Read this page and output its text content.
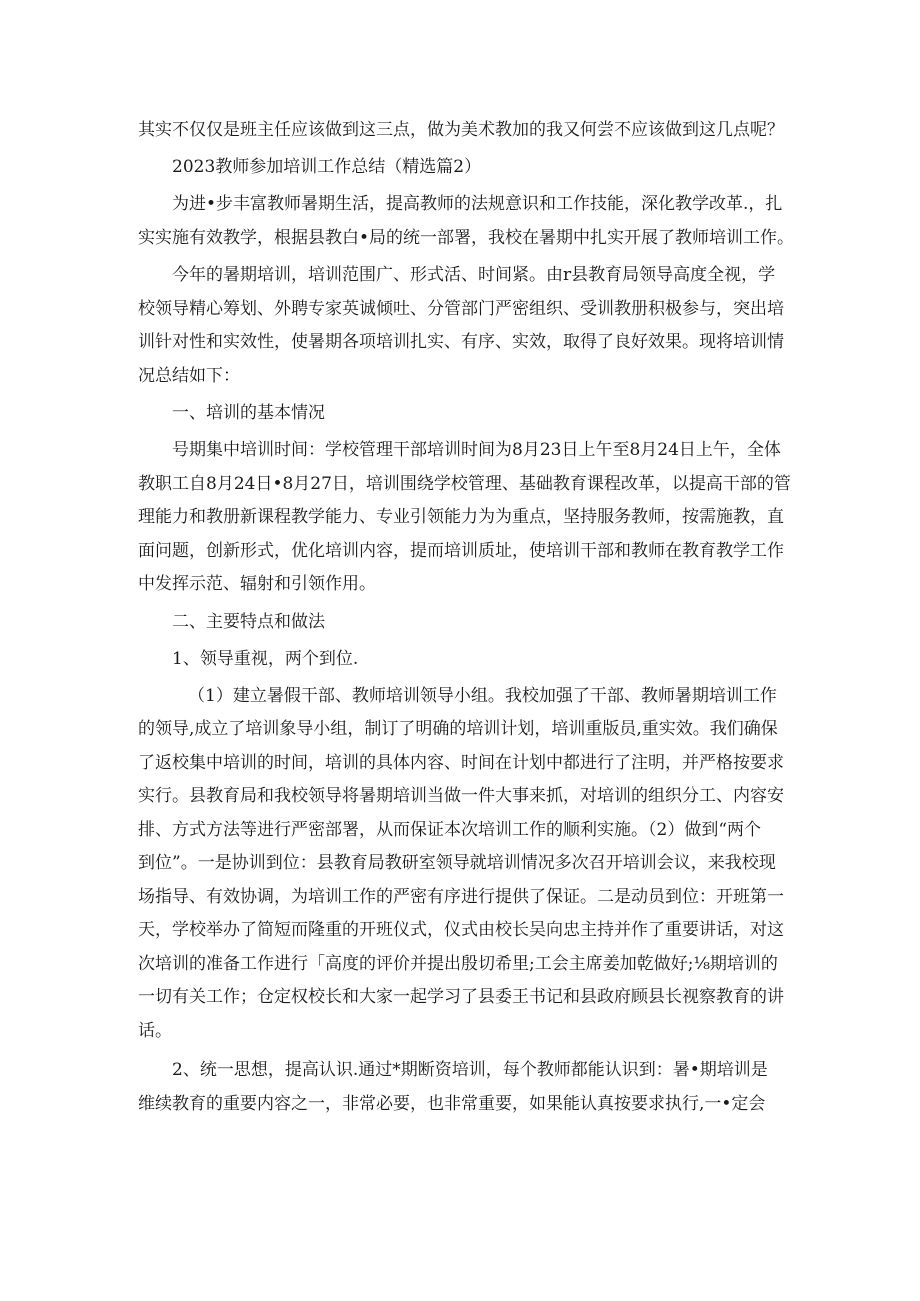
其实不仅仅是班主任应该做到这三点，做为美术教加的我又何尝不应该做到这几点呢？

2023教师参加培训工作总结（精选篇2）

为进•步丰富教师暑期生活，提高教师的法规意识和工作技能，深化教学改革.，扎
实实施有效教学，根据县教白•局的统一部署，我校在暑期中扎实开展了教师培训工作。

今年的暑期培训，培训范围广、形式活、时间紧。由r县教育局领导高度全视，学
校领导精心筹划、外聘专家英诚倾吐、分管部门严密组织、受训教册积极参与，突出培
训针对性和实效性，使暑期各项培训扎实、有序、实效，取得了良好效果。现将培训情
况总结如下：

一、培训的基本情况

号期集中培训时间：学校管理干部培训时间为8月23日上午至8月24日上午，全体
教职工自8月24日•8月27日，培训围绕学校管理、基础教育课程改革，以提高干部的管
理能力和教册新课程教学能力、专业引领能力为为重点，坚持服务教师，按需施教，直
面问题，创新形式，优化培训内容，提而培训质址，使培训干部和教师在教育教学工作
中发挥示范、辐射和引领作用。

二、主要特点和做法

1、领导重视，两个到位.

（1）建立暑假干部、教师培训领导小组。我校加强了干部、教师暑期培训工作
的领导,成立了培训象导小组，制订了明确的培训计划，培训重版员,重实效。我们确保
了返校集中培训的时间，培训的具体内容、时间在计划中都进行了注明，并严格按要求
实行。县教育局和我校领导将暑期培训当做一件大事来抓，对培训的组织分工、内容安
排、方式方法等进行严密部署，从而保证本次培训工作的顺利实施。（2）做到“两个
到位”。一是协训到位：县教育局教研室领导就培训情况多次召开培训会议，来我校现
场指导、有效协调，为培训工作的严密有序进行提供了保证。二是动员到位：开班第一
天，学校举办了简短而隆重的开班仪式，仪式由校长吴向忠主持并作了重要讲话，对这
次培训的准备工作进行「高度的评价并提出殷切希里;工会主席姜加乾做好;⅛期培训的
一切有关工作；仓定权校长和大家一起学习了县委王书记和县政府顾县长视察教育的讲
话。

2、统一思想，提高认识.通过*期断资培训，每个教师都能认识到：暑•期培训是
维续教育的重要内容之一，非常必要，也非常重要，如果能认真按要求执行,一•定会
